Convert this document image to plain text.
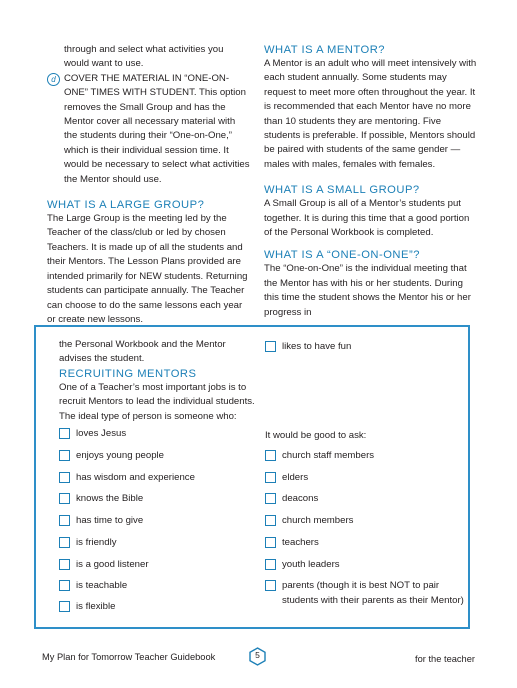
through and select what activities you would want to use.

d COVER THE MATERIAL IN “ONE-ON-ONE” TIMES WITH STUDENT. This option removes the Small Group and has the Mentor cover all necessary material with the students during their “One-on-One,” which is their individual session time. It would be necessary to select what activities the Mentor should use.

WHAT IS A LARGE GROUP?

The Large Group is the meeting led by the Teacher of the class/club or led by chosen Teachers. It is made up of all the students and their Mentors. The Lesson Plans provided are intended primarily for NEW students. Returning students can participate annually. The Teacher can choose to do the same lessons each year or create new lessons.

WHAT IS A MENTOR?

A Mentor is an adult who will meet intensively with each student annually. Some students may request to meet more often throughout the year. It is recommended that each Mentor have no more than 10 students they are mentoring. Five students is preferable. If possible, Mentors should be paired with students of the same gender — males with males, females with females.

WHAT IS A SMALL GROUP?

A Small Group is all of a Mentor’s students put together. It is during this time that a good portion of the Personal Workbook is completed.

WHAT IS A “ONE-ON-ONE”?

The “One-on-One” is the individual meeting that the Mentor has with his or her students. During this time the student shows the Mentor his or her progress in

the Personal Workbook and the Mentor advises the student.

RECRUITING MENTORS

One of a Teacher’s most important jobs is to recruit Mentors to lead the individual students. The ideal type of person is someone who:

loves Jesus
enjoys young people
has wisdom and experience
knows the Bible
has time to give
is friendly
is a good listener
is teachable
is flexible
likes to have fun
It would be good to ask:
church staff members
elders
deacons
church members
teachers
youth leaders
parents (though it is best NOT to pair
students with their parents as their Mentor)
My Plan for Tomorrow Teacher Guidebook	5	for the teacher
